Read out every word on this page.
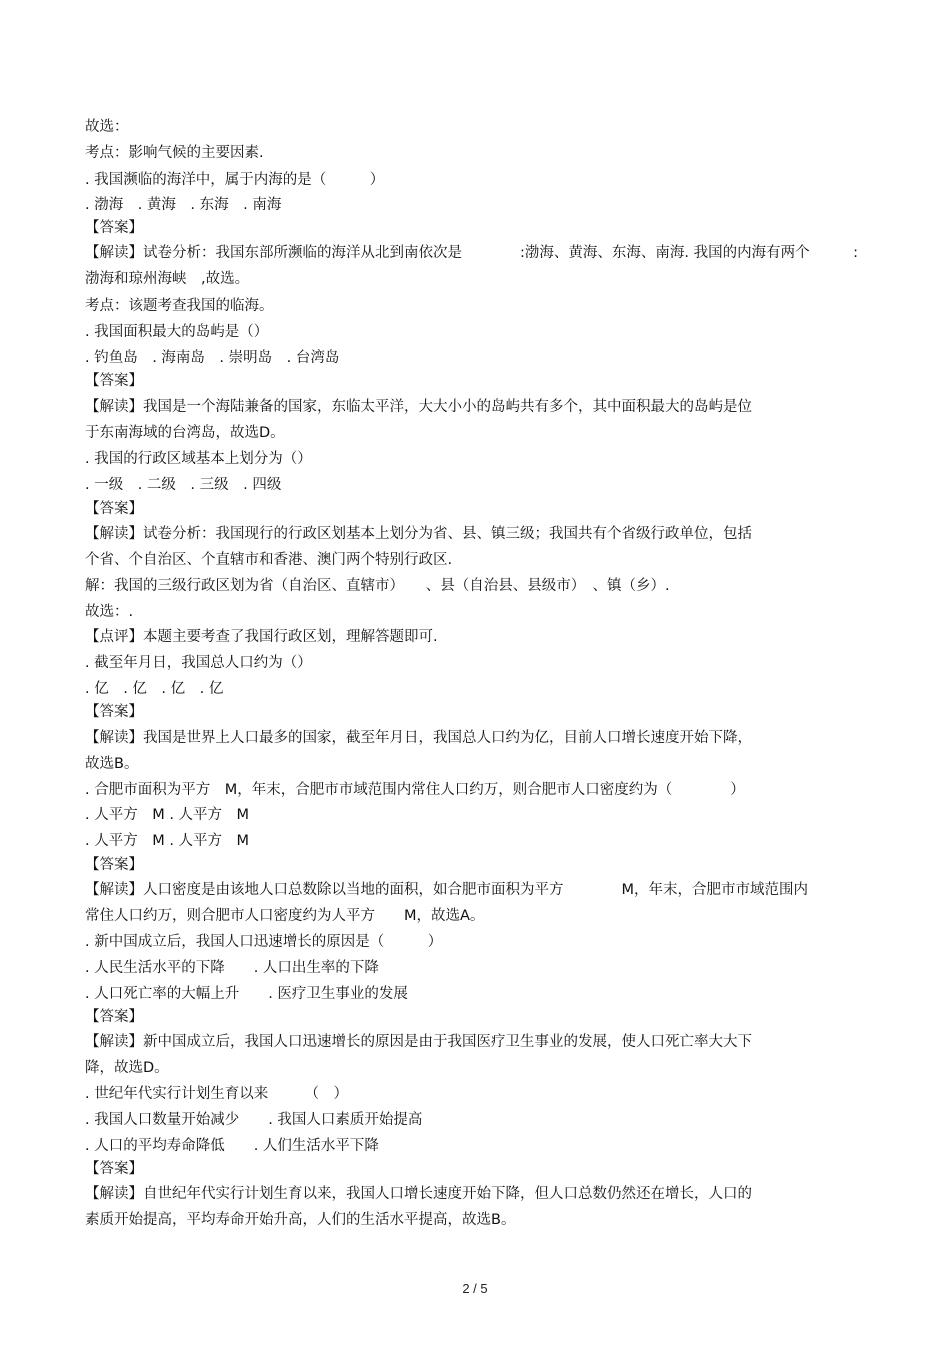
故选：
考点：影响气候的主要因素.
. 我国濒临的海洋中，属于内海的是（　　　）
. 渤海　. 黄海　. 东海　. 南海
【答案】
【解读】试卷分析：我国东部所濒临的海洋从北到南依次是　　　　:渤海、黄海、东海、南海. 我国的内海有两个　　　:
渤海和琼州海峡　,故选。
考点：该题考查我国的临海。
. 我国面积最大的岛屿是（）
. 钓鱼岛　. 海南岛　. 崇明岛　. 台湾岛
【答案】
【解读】我国是一个海陆兼备的国家，东临太平洋，大大小小的岛屿共有多个，其中面积最大的岛屿是位
于东南海域的台湾岛，故选D。
. 我国的行政区域基本上划分为（）
. 一级　. 二级　. 三级　. 四级
【答案】
【解读】试卷分析：我国现行的行政区划基本上划分为省、县、镇三级；我国共有个省级行政单位，包括
个省、个自治区、个直辖市和香港、澳门两个特别行政区.
解：我国的三级行政区划为省（自治区、直辖市）　　、县（自治县、县级市）　、镇（乡）.
故选：.
【点评】本题主要考查了我国行政区划，理解答题即可.
. 截至年月日，我国总人口约为（）
. 亿　. 亿　. 亿　. 亿
【答案】
【解读】我国是世界上人口最多的国家，截至年月日，我国总人口约为亿，目前人口增长速度开始下降，
故选B。
. 合肥市面积为平方　M，年末，合肥市市域范围内常住人口约万，则合肥市人口密度约为（　　　　）
. 人平方　M . 人平方　M
. 人平方　M . 人平方　M
【答案】
【解读】人口密度是由该地人口总数除以当地的面积，如合肥市面积为平方　　　　M，年末，合肥市市域范围内
常住人口约万，则合肥市人口密度约为人平方　　M，故选A。
. 新中国成立后，我国人口迅速增长的原因是（　　　）
. 人民生活水平的下降　　. 人口出生率的下降
. 人口死亡率的大幅上升　　. 医疗卫生事业的发展
【答案】
【解读】新中国成立后，我国人口迅速增长的原因是由于我国医疗卫生事业的发展，使人口死亡率大大下
降，故选D。
. 世纪年代实行计划生育以来　　　（　）
. 我国人口数量开始减少　　. 我国人口素质开始提高
. 人口的平均寿命降低　　. 人们生活水平下降
【答案】
【解读】自世纪年代实行计划生育以来，我国人口增长速度开始下降，但人口总数仍然还在增长，人口的
素质开始提高，平均寿命开始升高，人们的生活水平提高，故选B。
2 / 5
